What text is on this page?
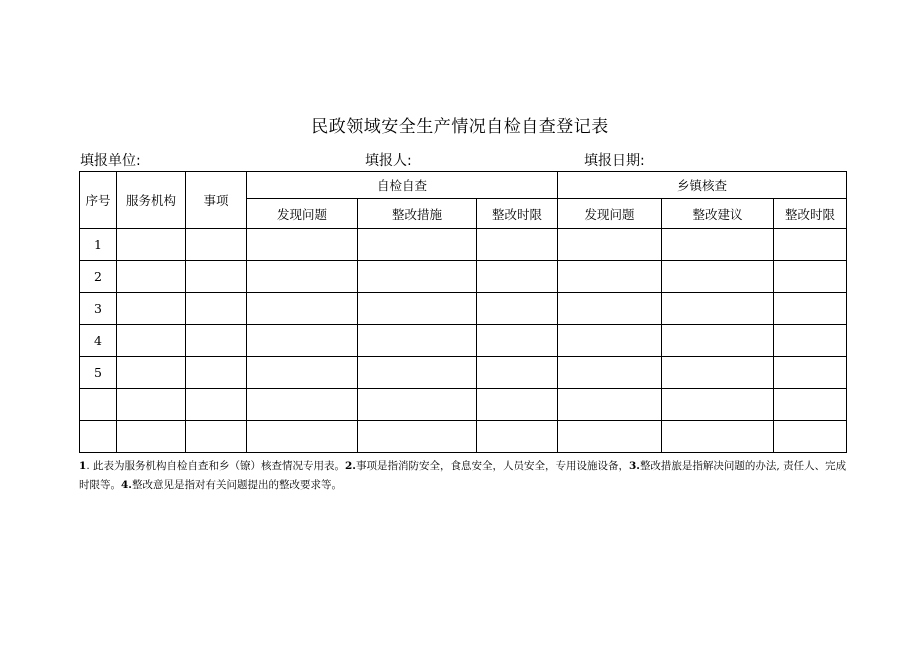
民政领域安全生产情况自检自查登记表
填报单位:	填报人:	填报日期:
序号	服务机构	事项	自检自查			乡镇核查		
			发现问题	整改措施	整改时限	发现问题	整改建议	整改时限
1								
2								
3								
4								
5								

1. 此表为服务机构自检自查和乡（镣）核查情况专用表。2.事项是指消防安全，食息安全，人员安全，专用设施设备，3.整改措旅是指解决问题的办法, 责任人、完成时限等。4.整改意见是指对有关问题提出的整改要求等。
